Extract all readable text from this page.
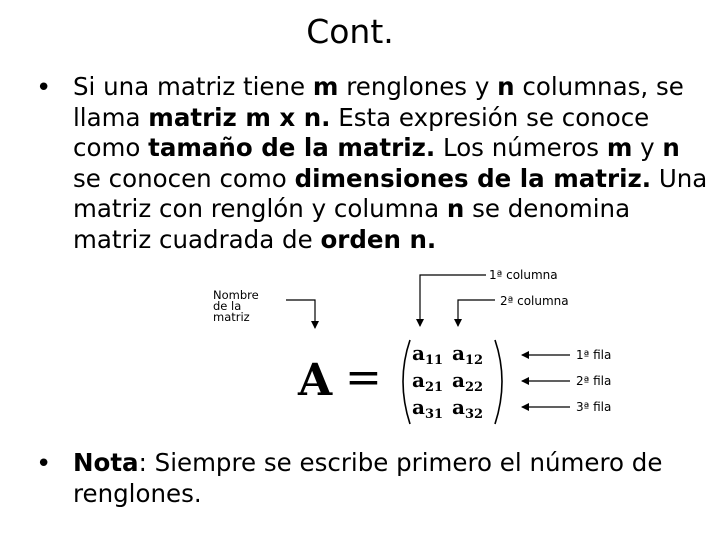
Cont.
• Si una matriz tiene m renglones y n columnas, se llama matriz m x n. Esta expresión se conoce como tamaño de la matriz. Los números m y n se conocen como dimensiones de la matriz. Una matriz con renglón y columna n se denomina matriz cuadrada de orden n.
Nombre
de la
matriz
1ª columna
2ª columna
1ª fila
2ª fila
3ª fila
$A = a_{11}$ $a_{12}$
$a_{21}$ $a_{22}$
$a_{31}$ $a_{32}$
• Nota: Siempre se escribe primero el número de renglones.
